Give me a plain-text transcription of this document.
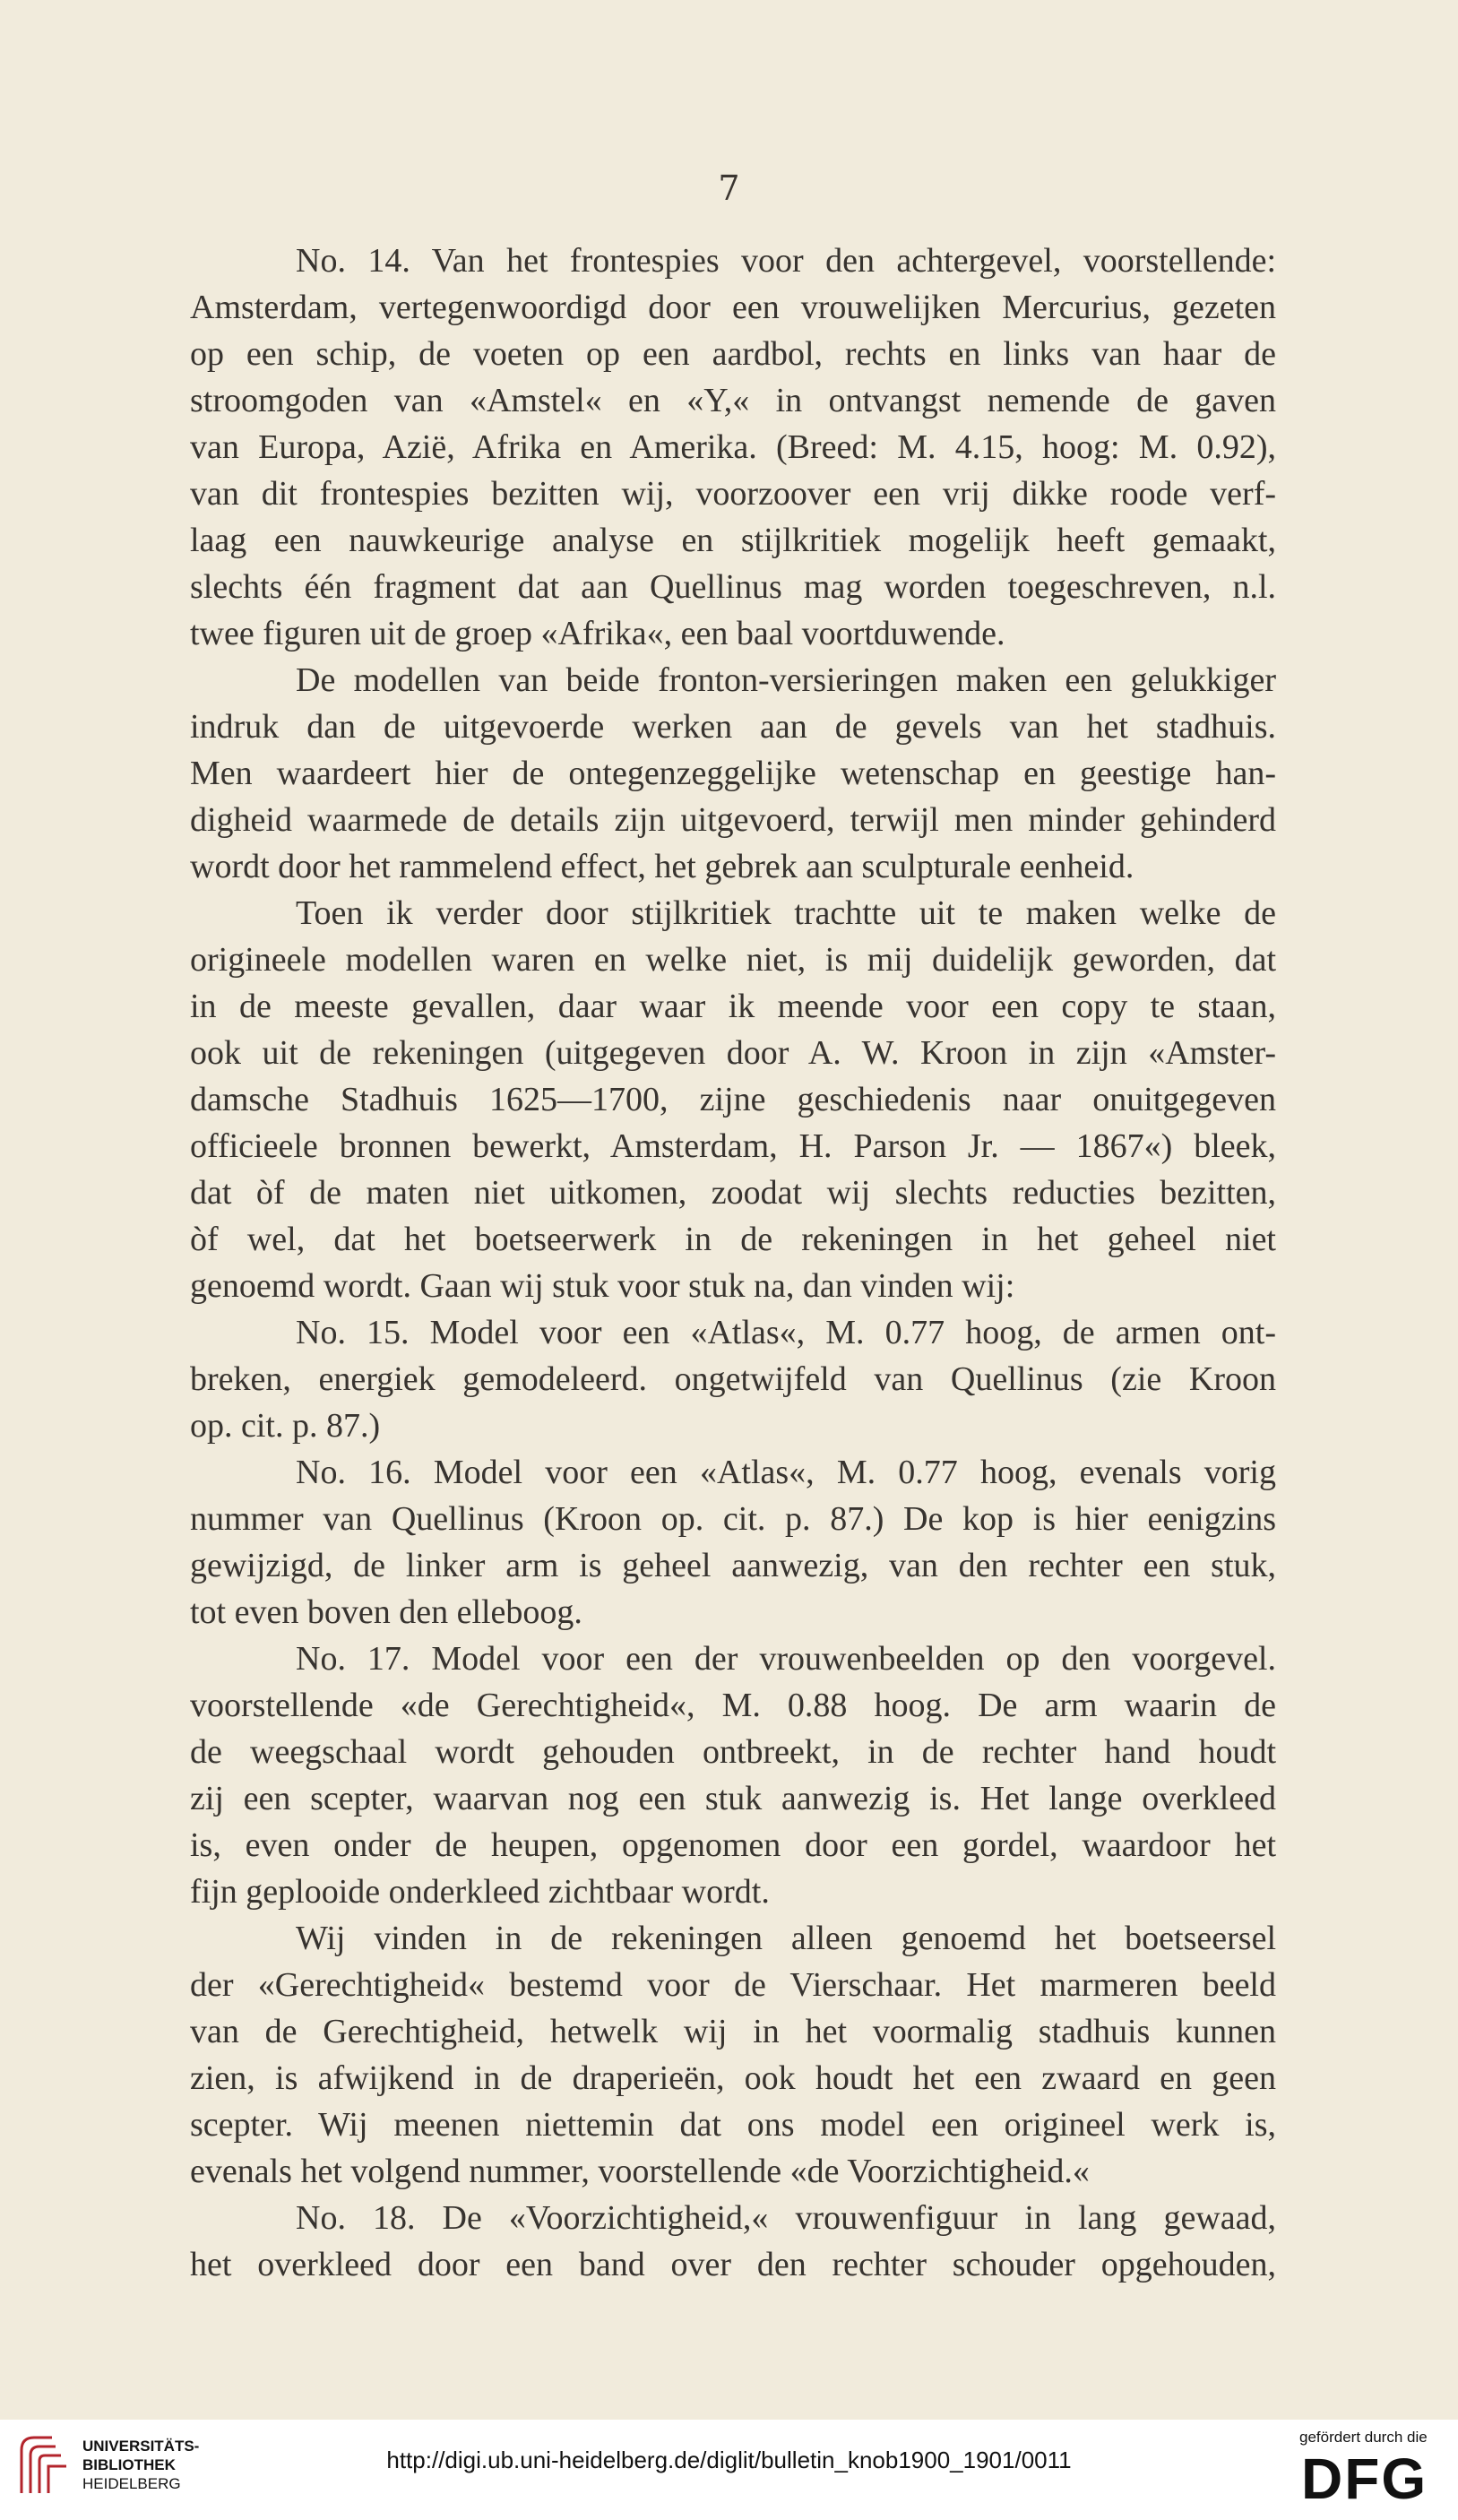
7

No. 14. Van het frontespies voor den achtergevel, voorstellende:
Amsterdam, vertegenwoordigd door een vrouwelijken Mercurius, gezeten
op een schip, de voeten op een aardbol, rechts en links van haar de
stroomgoden van «Amstel« en «Y,« in ontvangst nemende de gaven
van Europa, Azië, Afrika en Amerika. (Breed: M. 4.15, hoog: M. 0.92),
van dit frontespies bezitten wij, voorzoover een vrij dikke roode verf-
laag een nauwkeurige analyse en stijlkritiek mogelijk heeft gemaakt,
slechts één fragment dat aan Quellinus mag worden toegeschreven, n.l.
twee figuren uit de groep «Afrika«, een baal voortduwende.

De modellen van beide fronton-versieringen maken een gelukkiger
indruk dan de uitgevoerde werken aan de gevels van het stadhuis.
Men waardeert hier de ontegenzeggelijke wetenschap en geestige han-
digheid waarmede de details zijn uitgevoerd, terwijl men minder gehinderd
wordt door het rammelend effect, het gebrek aan sculpturale eenheid.

Toen ik verder door stijlkritiek trachtte uit te maken welke de
origineele modellen waren en welke niet, is mij duidelijk geworden, dat
in de meeste gevallen, daar waar ik meende voor een copy te staan,
ook uit de rekeningen (uitgegeven door A. W. Kroon in zijn «Amster-
damsche Stadhuis 1625—1700, zijne geschiedenis naar onuitgegeven
officieele bronnen bewerkt, Amsterdam, H. Parson Jr. — 1867«) bleek,
dat òf de maten niet uitkomen, zoodat wij slechts reducties bezitten,
òf wel, dat het boetseerwerk in de rekeningen in het geheel niet
genoemd wordt. Gaan wij stuk voor stuk na, dan vinden wij:

No. 15. Model voor een «Atlas«, M. 0.77 hoog, de armen ont-
breken, energiek gemodeleerd. ongetwijfeld van Quellinus (zie Kroon
op. cit. p. 87.)

No. 16. Model voor een «Atlas«, M. 0.77 hoog, evenals vorig
nummer van Quellinus (Kroon op. cit. p. 87.) De kop is hier eenigzins
gewijzigd, de linker arm is geheel aanwezig, van den rechter een stuk,
tot even boven den elleboog.

No. 17. Model voor een der vrouwenbeelden op den voorgevel.
voorstellende «de Gerechtigheid«, M. 0.88 hoog. De arm waarin de
de weegschaal wordt gehouden ontbreekt, in de rechter hand houdt
zij een scepter, waarvan nog een stuk aanwezig is. Het lange overkleed
is, even onder de heupen, opgenomen door een gordel, waardoor het
fijn geplooide onderkleed zichtbaar wordt.

Wij vinden in de rekeningen alleen genoemd het boetseersel
der «Gerechtigheid« bestemd voor de Vierschaar. Het marmeren beeld
van de Gerechtigheid, hetwelk wij in het voormalig stadhuis kunnen
zien, is afwijkend in de draperieën, ook houdt het een zwaard en geen
scepter. Wij meenen niettemin dat ons model een origineel werk is,
evenals het volgend nummer, voorstellende «de Voorzichtigheid.«

No. 18. De «Voorzichtigheid,« vrouwenfiguur in lang gewaad,
het overkleed door een band over den rechter schouder opgehouden,

UNIVERSITÄTS-
BIBLIOTHEK
HEIDELBERG
http://digi.ub.uni-heidelberg.de/diglit/bulletin_knob1900_1901/0011
gefördert durch die
DFG
